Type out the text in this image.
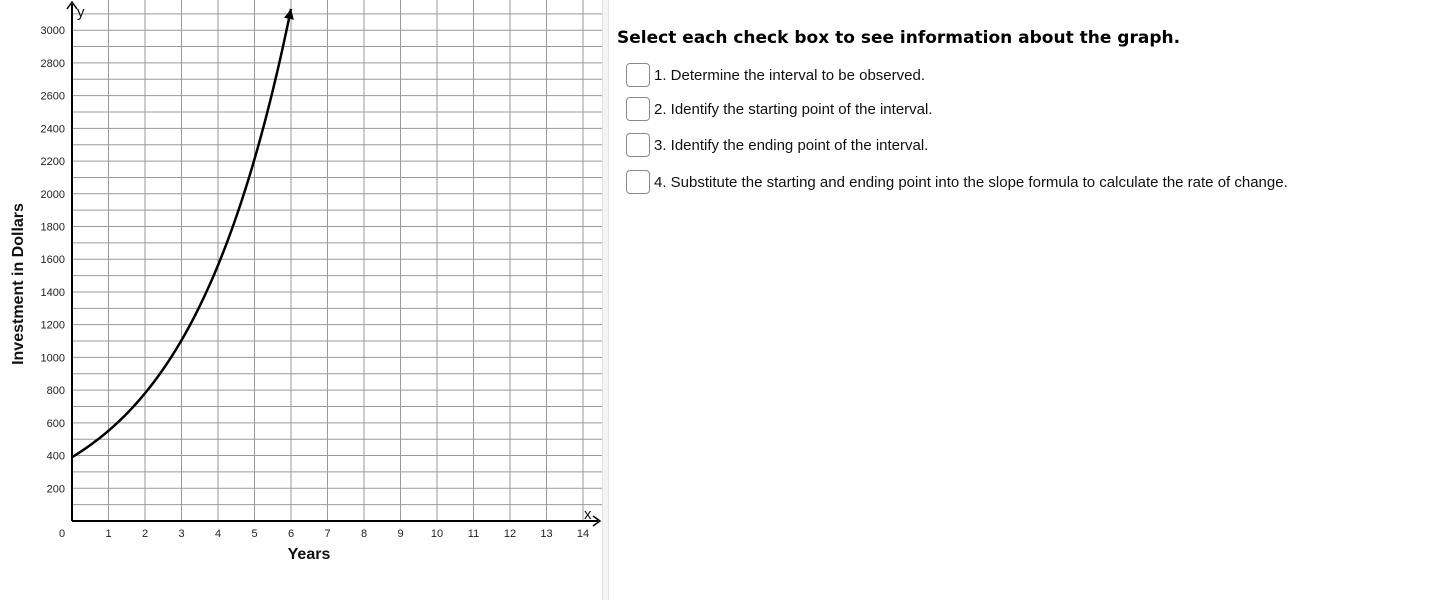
1	2	3	4	5	6	7	8	9 10 11 12 13 14
200
400
600
800
1000
1200
1400
1600
1800
2000
2200
2400
2600
2800
3000
Years
Investment in Dollars
x
y
0
Select each check box to see information about the graph.
1. Determine the interval to be observed.
2. Identify the starting point of the interval.
3. Identify the ending point of the interval.
4. Substitute the starting and ending point into the slope formula to calculate the rate of change.
